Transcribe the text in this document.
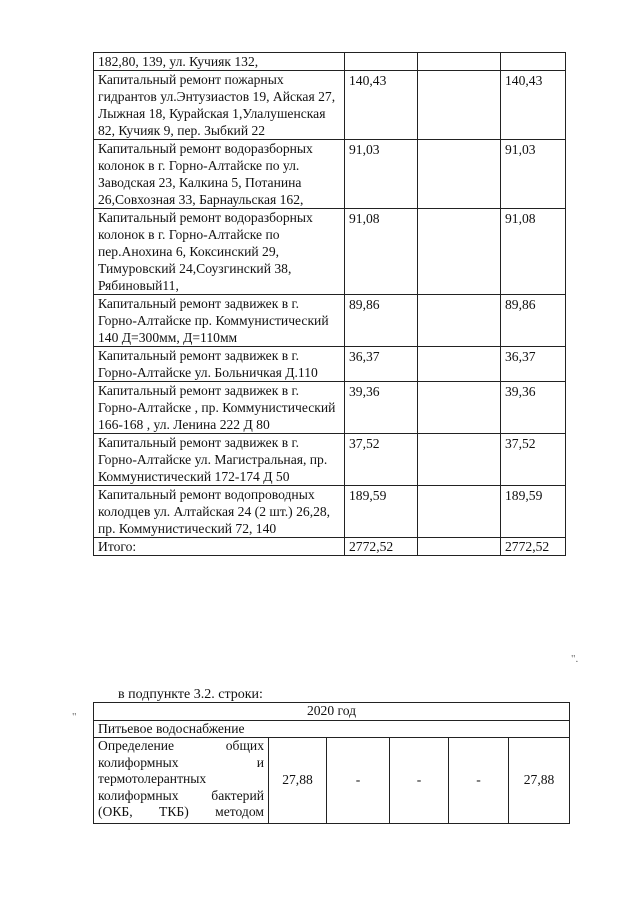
182,80, 139, ул. Кучияк 132,			
Капитальный ремонт пожарных гидрантов ул.Энтузиастов 19, Айская 27, Лыжная 18, Курайская 1,Улалушенская 82, Кучияк 9, пер. Зыбкий 22	140,43		140,43
Капитальный ремонт водоразборных колонок в г. Горно-Алтайске по ул. Заводская 23, Калкина 5, Потанина 26,Совхозная 33, Барнаульская 162,	91,03		91,03
Капитальный ремонт водоразборных колонок в г. Горно-Алтайске по пер.Анохина 6, Коксинский 29, Тимуровский 24,Соузгинский 38, Рябиновый11,	91,08		91,08
Капитальный ремонт задвижек в г. Горно-Алтайске пр. Коммунистический 140 Д=300мм, Д=110мм	89,86		89,86
Капитальный ремонт задвижек в г. Горно-Алтайске ул. Больничкая Д.110	36,37		36,37
Капитальный ремонт задвижек в г. Горно-Алтайске , пр. Коммунистический 166-168 , ул. Ленина 222 Д 80	39,36		39,36
Капитальный ремонт задвижек в г. Горно-Алтайске ул. Магистральная, пр. Коммунистический 172-174 Д 50	37,52		37,52
Капитальный ремонт водопроводных колодцев ул. Алтайская 24 (2 шт.) 26,28, пр. Коммунистический 72, 140	189,59		189,59
Итого:	2772,52		2772,52
".
в подпункте 3.2. строки:
"	2020 год
Питьевое водоснабжение
Определение общих колиформных и термотолерантных колиформных бактерий (ОКБ, ТКБ) методом	27,88	-	-	-	27,88
